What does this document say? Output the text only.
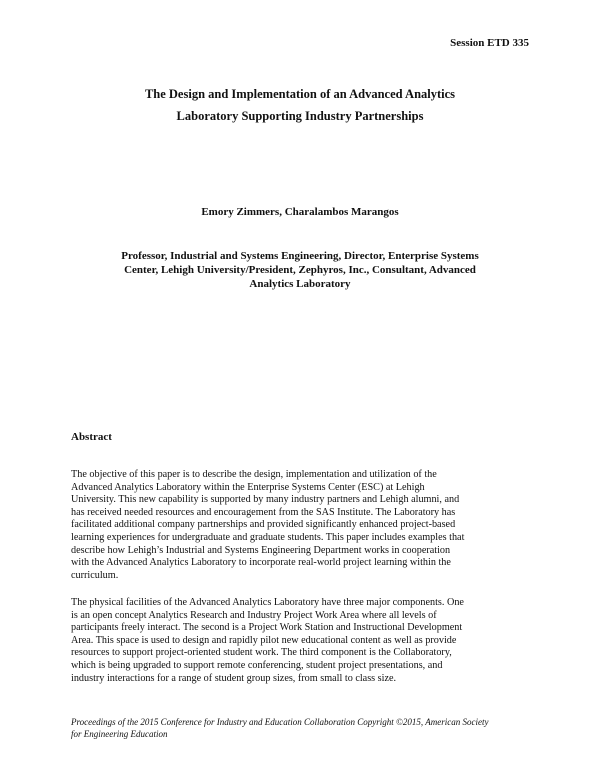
Session ETD 335
The Design and Implementation of an Advanced Analytics
Laboratory Supporting Industry Partnerships
Emory Zimmers, Charalambos Marangos
Professor, Industrial and Systems Engineering, Director, Enterprise Systems
Center, Lehigh University/President, Zephyros, Inc., Consultant, Advanced
Analytics Laboratory
Abstract
The objective of this paper is to describe the design, implementation and utilization of the
Advanced Analytics Laboratory within the Enterprise Systems Center (ESC) at Lehigh
University. This new capability is supported by many industry partners and Lehigh alumni, and
has received needed resources and encouragement from the SAS Institute. The Laboratory has
facilitated additional company partnerships and provided significantly enhanced project-based
learning experiences for undergraduate and graduate students. This paper includes examples that
describe how Lehigh’s Industrial and Systems Engineering Department works in cooperation
with the Advanced Analytics Laboratory to incorporate real-world project learning within the
curriculum.
The physical facilities of the Advanced Analytics Laboratory have three major components. One
is an open concept Analytics Research and Industry Project Work Area where all levels of
participants freely interact. The second is a Project Work Station and Instructional Development
Area. This space is used to design and rapidly pilot new educational content as well as provide
resources to support project-oriented student work. The third component is the Collaboratory,
which is being upgraded to support remote conferencing, student project presentations, and
industry interactions for a range of student group sizes, from small to class size.
Proceedings of the 2015 Conference for Industry and Education Collaboration Copyright ©2015, American Society
for Engineering Education
